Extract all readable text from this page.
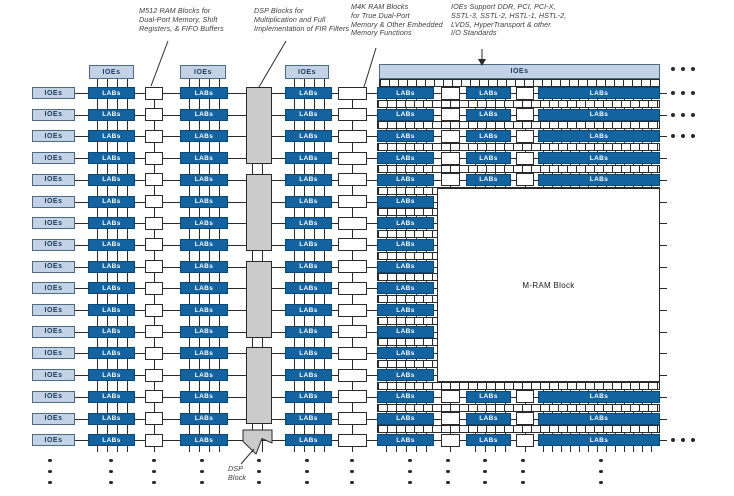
IOEs	LABs	LABs	LABs	LABs	LABs	LABs
IOEs	LABs	LABs	LABs	LABs	LABs	LABs
IOEs	LABs	LABs	LABs	LABs	LABs	LABs
IOEs	LABs	LABs	LABs	LABs	LABs	LABs
IOEs	LABs	LABs	LABs	LABs	LABs	LABs
IOEs	LABs	LABs	LABs	LABs
IOEs	LABs	LABs	LABs	LABs
IOEs	LABs	LABs	LABs	LABs
IOEs	LABs	LABs	LABs	LABs
IOEs	LABs	LABs	LABs	LABs
IOEs	LABs	LABs	LABs	LABs
IOEs	LABs	LABs	LABs	LABs
IOEs	LABs	LABs	LABs	LABs
IOEs	LABs	LABs	LABs	LABs
IOEs	LABs	LABs	LABs	LABs	LABs	LABs
IOEs	LABs	LABs	LABs	LABs	LABs	LABs
IOEs	LABs	LABs	LABs	LABs	LABs	LABs
IOEs	IOEs	IOEs	IOEs
M-RAM Block
M512 RAM Blocks for
Dual-Port Memory, Shift
Registers, & FIFO Buffers
DSP Blocks for
Multiplication and Full
Implementation of FIR Filters
M4K RAM Blocks
for True Dual-Port
Memory & Other Embedded
Memory Functions
IOEs Support DDR, PCI, PCI-X,
SSTL-3, SSTL-2, HSTL-1, HSTL-2,
LVDS, HyperTransport & other
I/O Standards
DSP
Block
